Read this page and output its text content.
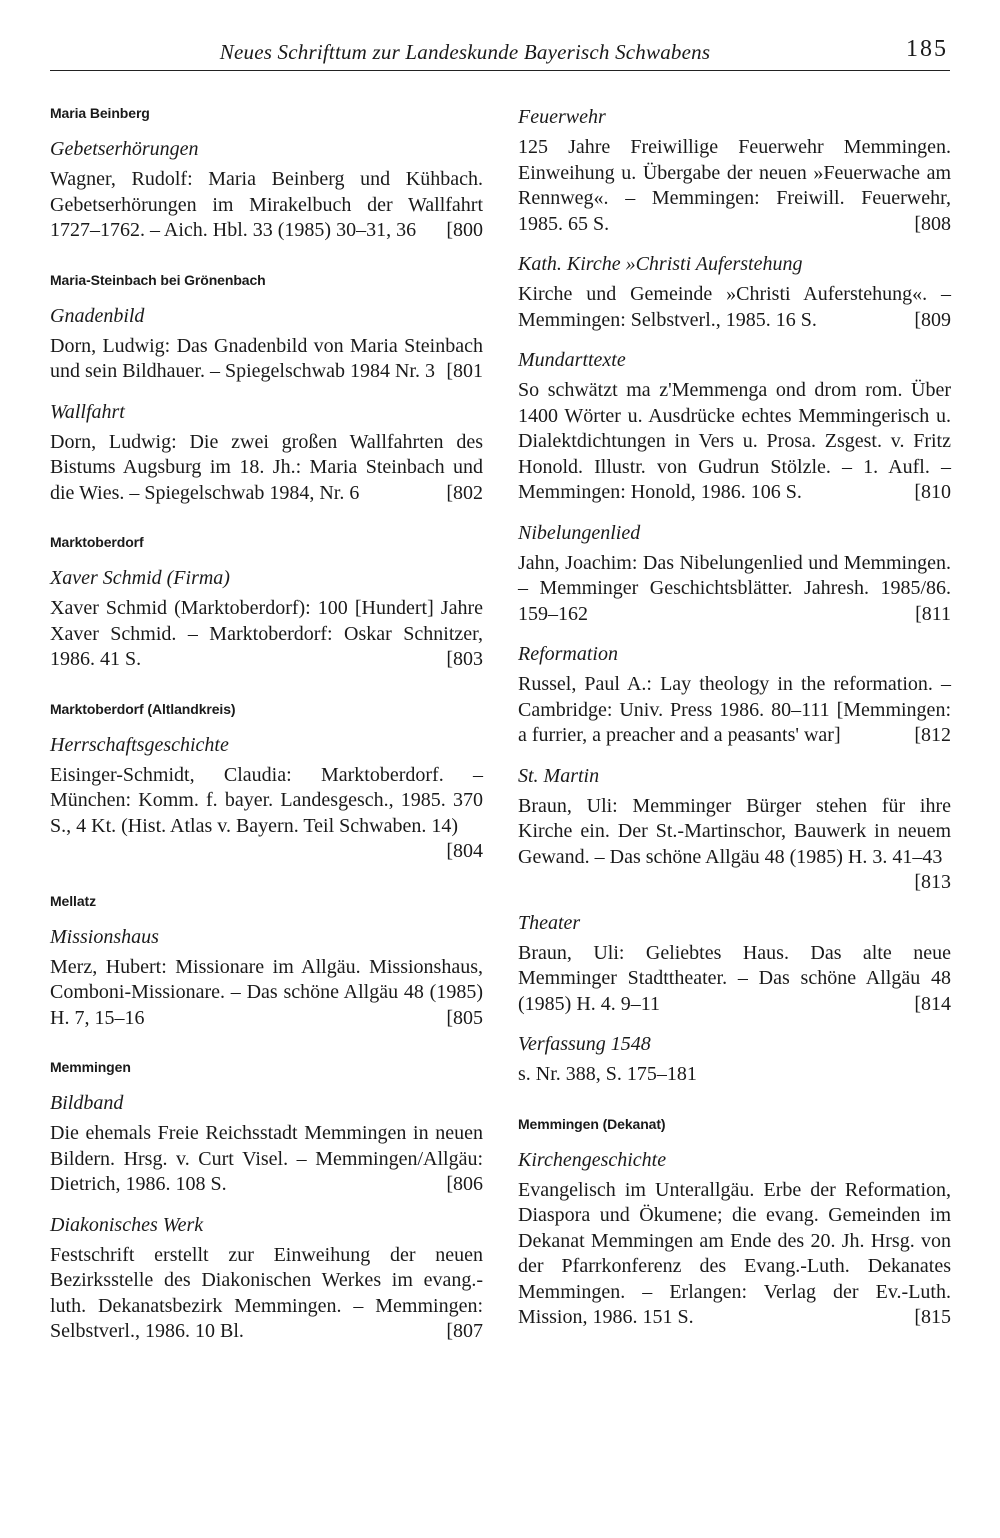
Neues Schrifttum zur Landeskunde Bayerisch Schwabens	185
Maria Beinberg
Gebetserhörungen
Wagner, Rudolf: Maria Beinberg und Kühbach. Gebetserhörungen im Mirakelbuch der Wallfahrt 1727–1762. – Aich. Hbl. 33 (1985) 30–31, 36 [800
Maria-Steinbach bei Grönenbach
Gnadenbild
Dorn, Ludwig: Das Gnadenbild von Maria Steinbach und sein Bildhauer. – Spiegelschwab 1984 Nr. 3 [801
Wallfahrt
Dorn, Ludwig: Die zwei großen Wallfahrten des Bistums Augsburg im 18. Jh.: Maria Steinbach und die Wies. – Spiegelschwab 1984, Nr. 6	[802
Marktoberdorf
Xaver Schmid (Firma)
Xaver Schmid (Marktoberdorf): 100 [Hundert] Jahre Xaver Schmid. – Marktoberdorf: Oskar Schnitzer, 1986. 41 S.	[803
Marktoberdorf (Altlandkreis)
Herrschaftsgeschichte
Eisinger-Schmidt, Claudia: Marktoberdorf. – München: Komm. f. bayer. Landesgesch., 1985. 370 S., 4 Kt. (Hist. Atlas v. Bayern. Teil Schwaben. 14)
[804
Mellatz
Missionshaus
Merz, Hubert: Missionare im Allgäu. Missionshaus, Comboni-Missionare. – Das schöne Allgäu 48 (1985) H. 7, 15–16	[805
Memmingen
Bildband
Die ehemals Freie Reichsstadt Memmingen in neuen Bildern. Hrsg. v. Curt Visel. – Memmingen/Allgäu: Dietrich, 1986. 108 S.	[806
Diakonisches Werk
Festschrift erstellt zur Einweihung der neuen Bezirksstelle des Diakonischen Werkes im evang.-luth. Dekanatsbezirk Memmingen. – Memmingen: Selbstverl., 1986. 10 Bl.	[807
Feuerwehr
125 Jahre Freiwillige Feuerwehr Memmingen. Einweihung u. Übergabe der neuen »Feuerwache am Rennweg«. – Memmingen: Freiwill. Feuerwehr, 1985. 65 S.	[808
Kath. Kirche »Christi Auferstehung
Kirche und Gemeinde »Christi Auferstehung«. – Memmingen: Selbstverl., 1985. 16 S.	[809
Mundarttexte
So schwätzt ma z'Memmenga ond drom rom. Über 1400 Wörter u. Ausdrücke echtes Memmingerisch u. Dialektdichtungen in Vers u. Prosa. Zsgest. v. Fritz Honold. Illustr. von Gudrun Stölzle. – 1. Aufl. – Memmingen: Honold, 1986. 106 S.	[810
Nibelungenlied
Jahn, Joachim: Das Nibelungenlied und Memmingen. – Memminger Geschichtsblätter. Jahresh. 1985/86. 159–162	[811
Reformation
Russel, Paul A.: Lay theology in the reformation. – Cambridge: Univ. Press 1986. 80–111 [Memmingen: a furrier, a preacher and a peasants' war]	[812
St. Martin
Braun, Uli: Memminger Bürger stehen für ihre Kirche ein. Der St.-Martinschor, Bauwerk in neuem Gewand. – Das schöne Allgäu 48 (1985) H. 3. 41–43
[813
Theater
Braun, Uli: Geliebtes Haus. Das alte neue Memminger Stadttheater. – Das schöne Allgäu 48 (1985) H. 4. 9–11	[814
Verfassung 1548
s. Nr. 388, S. 175–181
Memmingen (Dekanat)
Kirchengeschichte
Evangelisch im Unterallgäu. Erbe der Reformation, Diaspora und Ökumene; die evang. Gemeinden im Dekanat Memmingen am Ende des 20. Jh. Hrsg. von der Pfarrkonferenz des Evang.-Luth. Dekanates Memmingen. – Erlangen: Verlag der Ev.-Luth. Mission, 1986. 151 S.	[815
